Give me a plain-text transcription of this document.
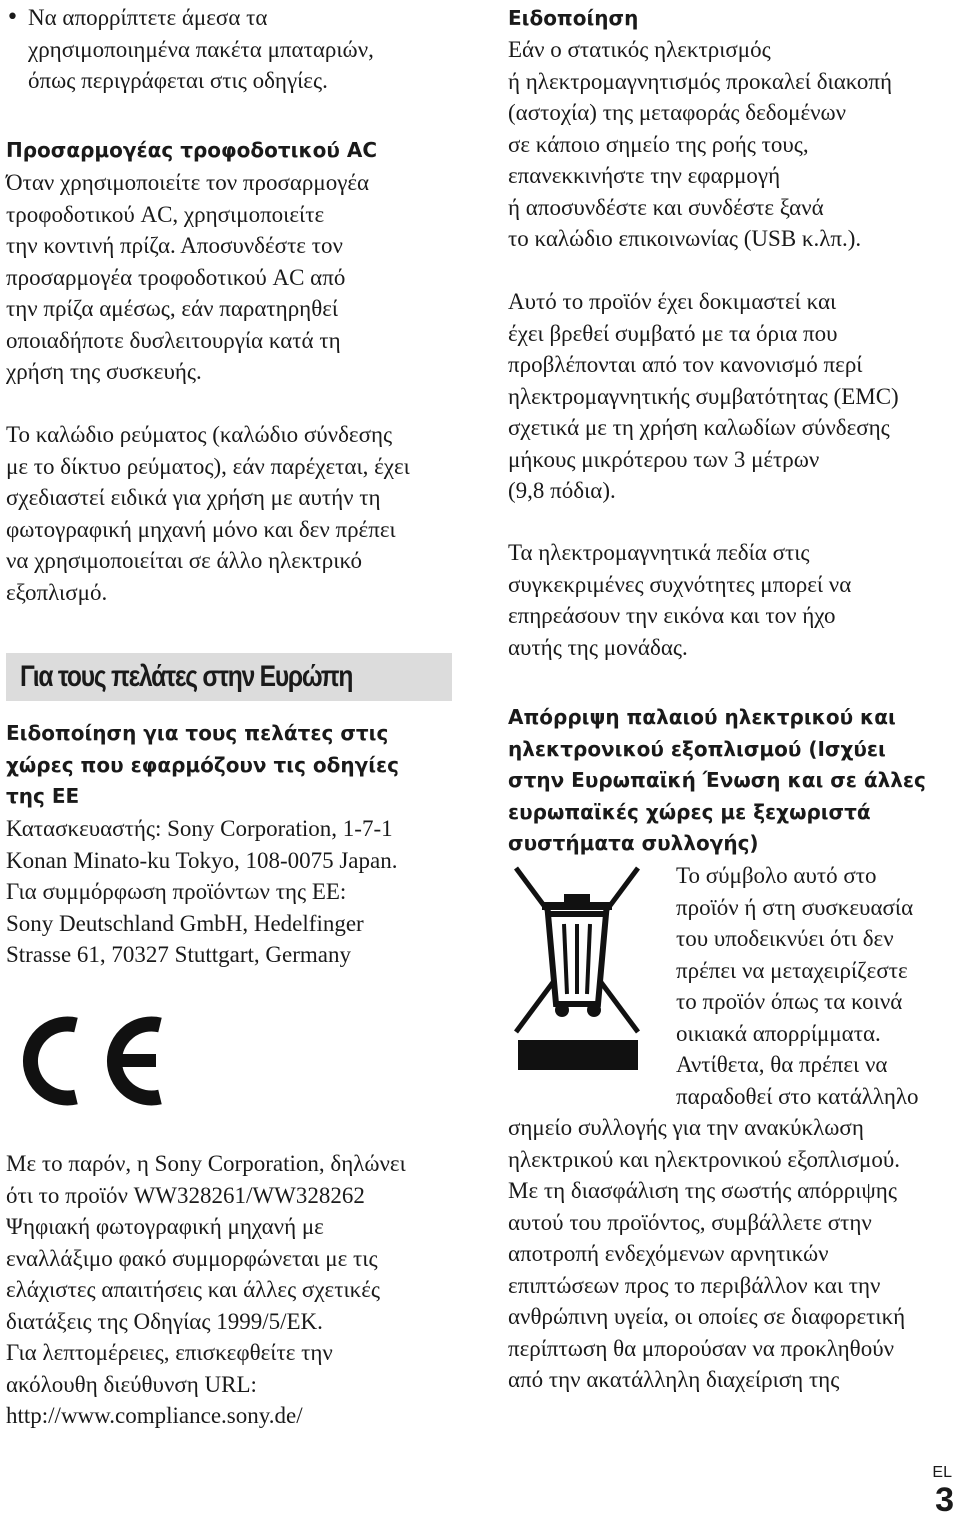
• Να απορρίπτετε άμεσα τα
χρησιμοποιημένα πακέτα μπαταριών,
όπως περιγράφεται στις οδηγίες.

Προσαρμογέας τροφοδοτικού AC

Όταν χρησιμοποιείτε τον προσαρμογέα
τροφοδοτικού AC, χρησιμοποιείτε
την κοντινή πρίζα. Αποσυνδέστε τον
προσαρμογέα τροφοδοτικού AC από
την πρίζα αμέσως, εάν παρατηρηθεί
οποιαδήποτε δυσλειτουργία κατά τη
χρήση της συσκευής.

Το καλώδιο ρεύματος (καλώδιο σύνδεσης
με το δίκτυο ρεύματος), εάν παρέχεται, έχει
σχεδιαστεί ειδικά για χρήση με αυτήν τη
φωτογραφική μηχανή μόνο και δεν πρέπει
να χρησιμοποιείται σε άλλο ηλεκτρικό
εξοπλισμό.

Για τους πελάτες στην Ευρώπη

Ειδοποίηση για τους πελάτες στις
χώρες που εφαρμόζουν τις οδηγίες
της ΕΕ

Κατασκευαστής: Sony Corporation, 1-7-1
Konan Minato-ku Tokyo, 108-0075 Japan.
Για συμμόρφωση προϊόντων της ΕΕ:
Sony Deutschland GmbH, Hedelfinger
Strasse 61, 70327 Stuttgart, Germany

Με το παρόν, η Sony Corporation, δηλώνει
ότι το προϊόν WW328261/WW328262
Ψηφιακή φωτογραφική μηχανή με
εναλλάξιμο φακό συμμορφώνεται με τις
ελάχιστες απαιτήσεις και άλλες σχετικές
διατάξεις της Οδηγίας 1999/5/EK.
Για λεπτομέρειες, επισκεφθείτε την
ακόλουθη διεύθυνση URL:
http://www.compliance.sony.de/

Ειδοποίηση

Εάν ο στατικός ηλεκτρισμός
ή ηλεκτρομαγνητισμός προκαλεί διακοπή
(αστοχία) της μεταφοράς δεδομένων
σε κάποιο σημείο της ροής τους,
επανεκκινήστε την εφαρμογή
ή αποσυνδέστε και συνδέστε ξανά
το καλώδιο επικοινωνίας (USB κ.λπ.).

Αυτό το προϊόν έχει δοκιμαστεί και
έχει βρεθεί συμβατό με τα όρια που
προβλέπονται από τον κανονισμό περί
ηλεκτρομαγνητικής συμβατότητας (EMC)
σχετικά με τη χρήση καλωδίων σύνδεσης
μήκους μικρότερου των 3 μέτρων
(9,8 πόδια).

Τα ηλεκτρομαγνητικά πεδία στις
συγκεκριμένες συχνότητες μπορεί να
επηρεάσουν την εικόνα και τον ήχο
αυτής της μονάδας.

Απόρριψη παλαιού ηλεκτρικού και
ηλεκτρονικού εξοπλισμού (Ισχύει
στην Ευρωπαϊκή Ένωση και σε άλλες
ευρωπαϊκές χώρες με ξεχωριστά
συστήματα συλλογής)

Το σύμβολο αυτό στο
προϊόν ή στη συσκευασία
του υποδεικνύει ότι δεν
πρέπει να μεταχειρίζεστε
το προϊόν όπως τα κοινά
οικιακά απορρίμματα.
Αντίθετα, θα πρέπει να
παραδοθεί στο κατάλληλο

σημείο συλλογής για την ανακύκλωση
ηλεκτρικού και ηλεκτρονικού εξοπλισμού.
Με τη διασφάλιση της σωστής απόρριψης
αυτού του προϊόντος, συμβάλλετε στην
αποτροπή ενδεχόμενων αρνητικών
επιπτώσεων προς το περιβάλλον και την
ανθρώπινη υγεία, οι οποίες σε διαφορετική
περίπτωση θα μπορούσαν να προκληθούν
από την ακατάλληλη διαχείριση της

EL
3
